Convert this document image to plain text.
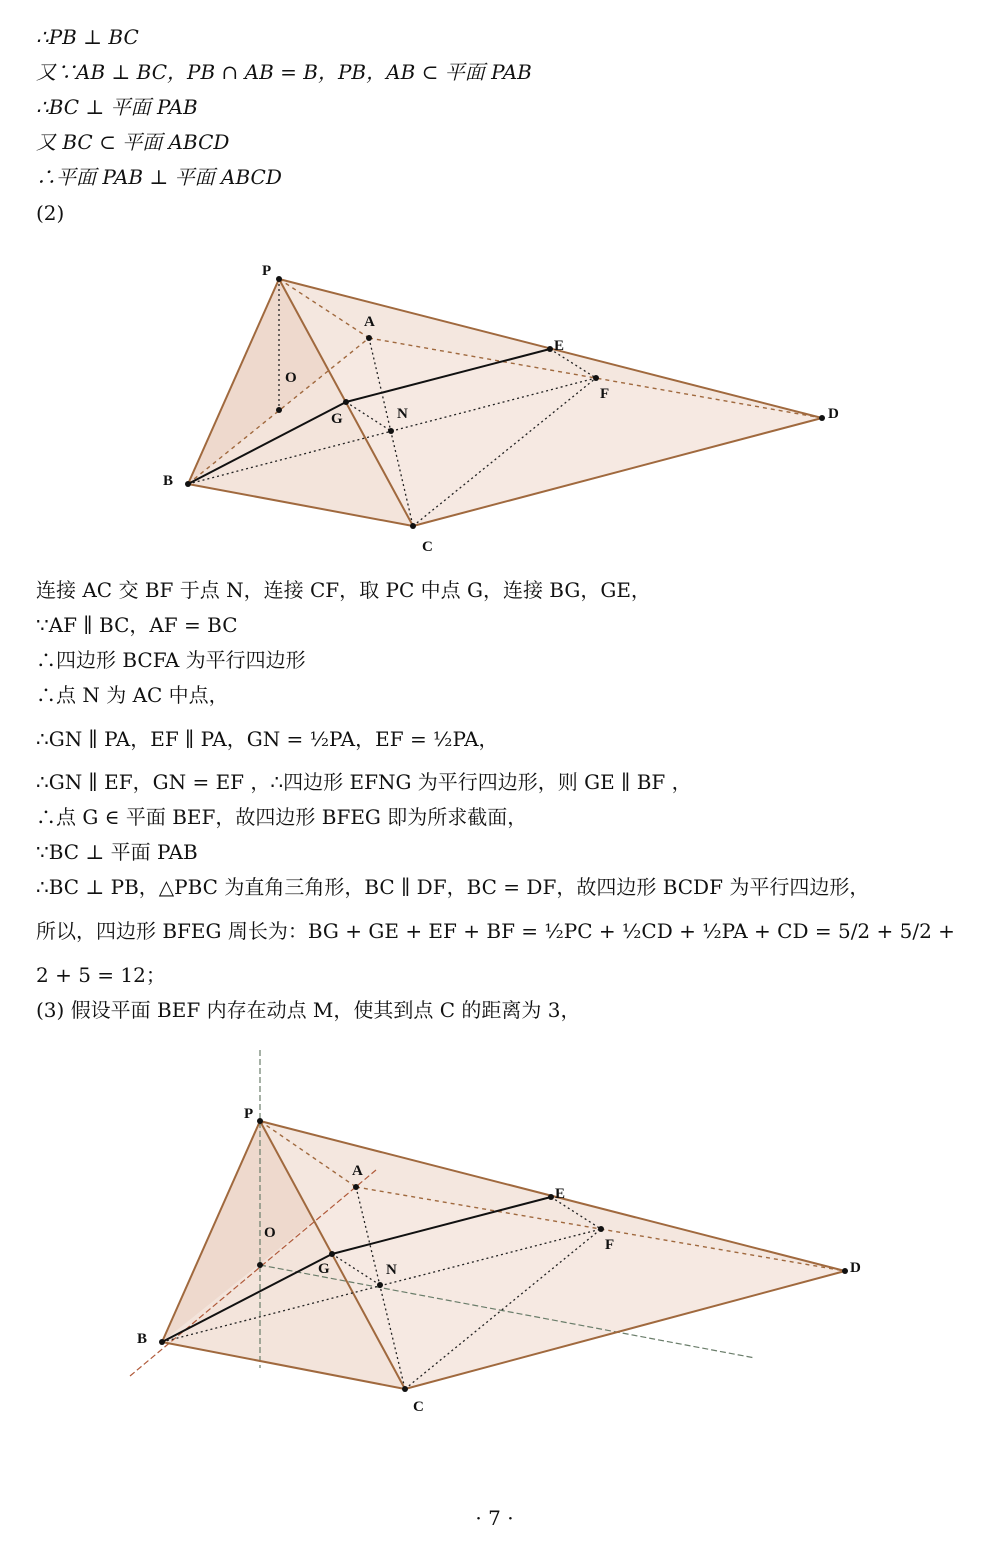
∴PB ⊥ BC
又∵AB ⊥ BC，PB ∩ AB = B，PB，AB ⊂ 平面 PAB
∴BC ⊥ 平面 PAB
又 BC ⊂ 平面 ABCD
∴平面 PAB ⊥ 平面 ABCD
(2)
P
A
E
O
F
G	N	D
B
C
连接 AC 交 BF 于点 N，连接 CF，取 PC 中点 G，连接 BG，GE，
∵AF ∥ BC，AF = BC
∴四边形 BCFA 为平行四边形
∴点 N 为 AC 中点，
∴GN ∥ PA，EF ∥ PA，GN = ½PA，EF = ½PA，
∴GN ∥ EF，GN = EF ，∴四边形 EFNG 为平行四边形，则 GE ∥ BF ，
∴点 G ∈ 平面 BEF，故四边形 BFEG 即为所求截面，
∵BC ⊥ 平面 PAB
∴BC ⊥ PB，△PBC 为直角三角形，BC ∥ DF，BC = DF，故四边形 BCDF 为平行四边形，
所以，四边形 BFEG 周长为：BG + GE + EF + BF = ½PC + ½CD + ½PA + CD = 5/2 + 5/2 +
2 + 5 = 12；
(3) 假设平面 BEF 内存在动点 M，使其到点 C 的距离为 3，
P
A
E
O
F
G	N	D
B
C
· 7 ·
